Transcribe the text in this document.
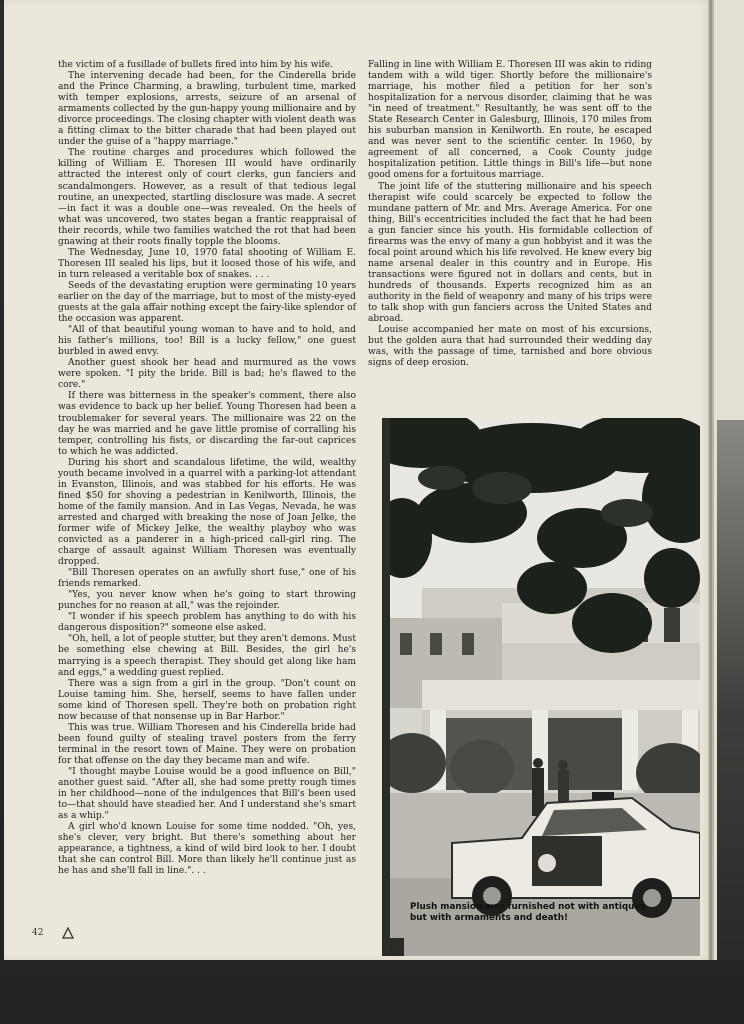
the victim of a fusillade of bullets fired into him by his wife.

The intervening decade had been, for the Cinderella bride and the Prince Charming, a brawling, turbulent time, marked with temper explosions, arrests, seizure of an arsenal of armaments collected by the gun-happy young millionaire and by divorce proceedings. The closing chapter with violent death was a fitting climax to the bitter charade that had been played out under the guise of a "happy marriage."

The routine charges and procedures which followed the killing of William E. Thoresen III would have ordinarily attracted the interest only of court clerks, gun fanciers and scandalmongers. However, as a result of that tedious legal routine, an unexpected, startling disclosure was made. A secret—in fact it was a double one—was revealed. On the heels of what was uncovered, two states began a frantic reappraisal of their records, while two families watched the rot that had been gnawing at their roots finally topple the blooms.

The Wednesday, June 10, 1970 fatal shooting of William E. Thoresen III sealed his lips, but it loosed those of his wife, and in turn released a veritable box of snakes. . . .

Seeds of the devastating eruption were germinating 10 years earlier on the day of the marriage, but to most of the misty-eyed guests at the gala affair nothing except the fairy-like splendor of the occasion was apparent.

"All of that beautiful young woman to have and to hold, and his father's millions, too! Bill is a lucky fellow," one guest burbled in awed envy.

Another guest shook her head and murmured as the vows were spoken. "I pity the bride. Bill is bad; he's flawed to the core."

If there was bitterness in the speaker's comment, there also was evidence to back up her belief. Young Thoresen had been a troublemaker for several years. The millionaire was 22 on the day he was married and he gave little promise of corralling his temper, controlling his fists, or discarding the far-out caprices to which he was addicted.

During his short and scandalous lifetime, the wild, wealthy youth became involved in a quarrel with a parking-lot attendant in Evanston, Illinois, and was stabbed for his efforts. He was fined $50 for shoving a pedestrian in Kenilworth, Illinois, the home of the family mansion. And in Las Vegas, Nevada, he was arrested and charged with breaking the nose of Joan Jelke, the former wife of Mickey Jelke, the wealthy playboy who was convicted as a panderer in a high-priced call-girl ring. The charge of assault against William Thoresen was eventually dropped.

"Bill Thoresen operates on an awfully short fuse," one of his friends remarked.

"Yes, you never know when he's going to start throwing punches for no reason at all," was the rejoinder.

"I wonder if his speech problem has anything to do with his dangerous disposition?" someone else asked.

"Oh, hell, a lot of people stutter, but they aren't demons. Must be something else chewing at Bill. Besides, the girl he's marrying is a speech therapist. They should get along like ham and eggs," a wedding guest replied.

There was a sign from a girl in the group. "Don't count on Louise taming him. She, herself, seems to have fallen under some kind of Thoresen spell. They're both on probation right now because of that nonsense up in Bar Harbor."

This was true. William Thoresen and his Cinderella bride had been found guilty of stealing travel posters from the ferry terminal in the resort town of Maine. They were on probation for that offense on the day they became man and wife.

"I thought maybe Louise would be a good influence on Bill," another guest said. "After all, she had some pretty rough times in her childhood—none of the indulgences that Bill's been used to—that should have steadied her. And I understand she's smart as a whip."

A girl who'd known Louise for some time nodded. "Oh, yes, she's clever, very bright. But there's something about her appearance, a tightness, a kind of wild bird look to her. I doubt that she can control Bill. More than likely he'll continue just as he has and she'll fall in line.". . .

Falling in line with William E. Thoresen III was akin to riding tandem with a wild tiger. Shortly before the millionaire's marriage, his mother filed a petition for her son's hospitalization for a nervous disorder, claiming that he was "in need of treatment." Resultantly, he was sent off to the State Research Center in Galesburg, Illinois, 170 miles from his suburban mansion in Kenilworth. En route, he escaped and was never sent to the scientific center. In 1960, by agreement of all concerned, a Cook County judge hospitalization petition. Little things in Bill's life—but none good omens for a fortuitous marriage.

The joint life of the stuttering millionaire and his speech therapist wife could scarcely be expected to follow the mundane pattern of Mr. and Mrs. Average America. For one thing, Bill's eccentricities included the fact that he had been a gun fancier since his youth. His formidable collection of firearms was the envy of many a gun hobbyist and it was the focal point around which his life revolved. He knew every big name arsenal dealer in this country and in Europe. His transactions were figured not in dollars and cents, but in hundreds of thousands. Experts recognized him as an authority in the field of weaponry and many of his trips were to talk shop with gun fanciers across the United States and abroad.

Louise accompanied her mate on most of his excursions, but the golden aura that had surrounded their wedding day was, with the passage of time, tarnished and bore obvious signs of deep erosion.

Plush mansion was furnished not with antiques but with armaments and death!
42
